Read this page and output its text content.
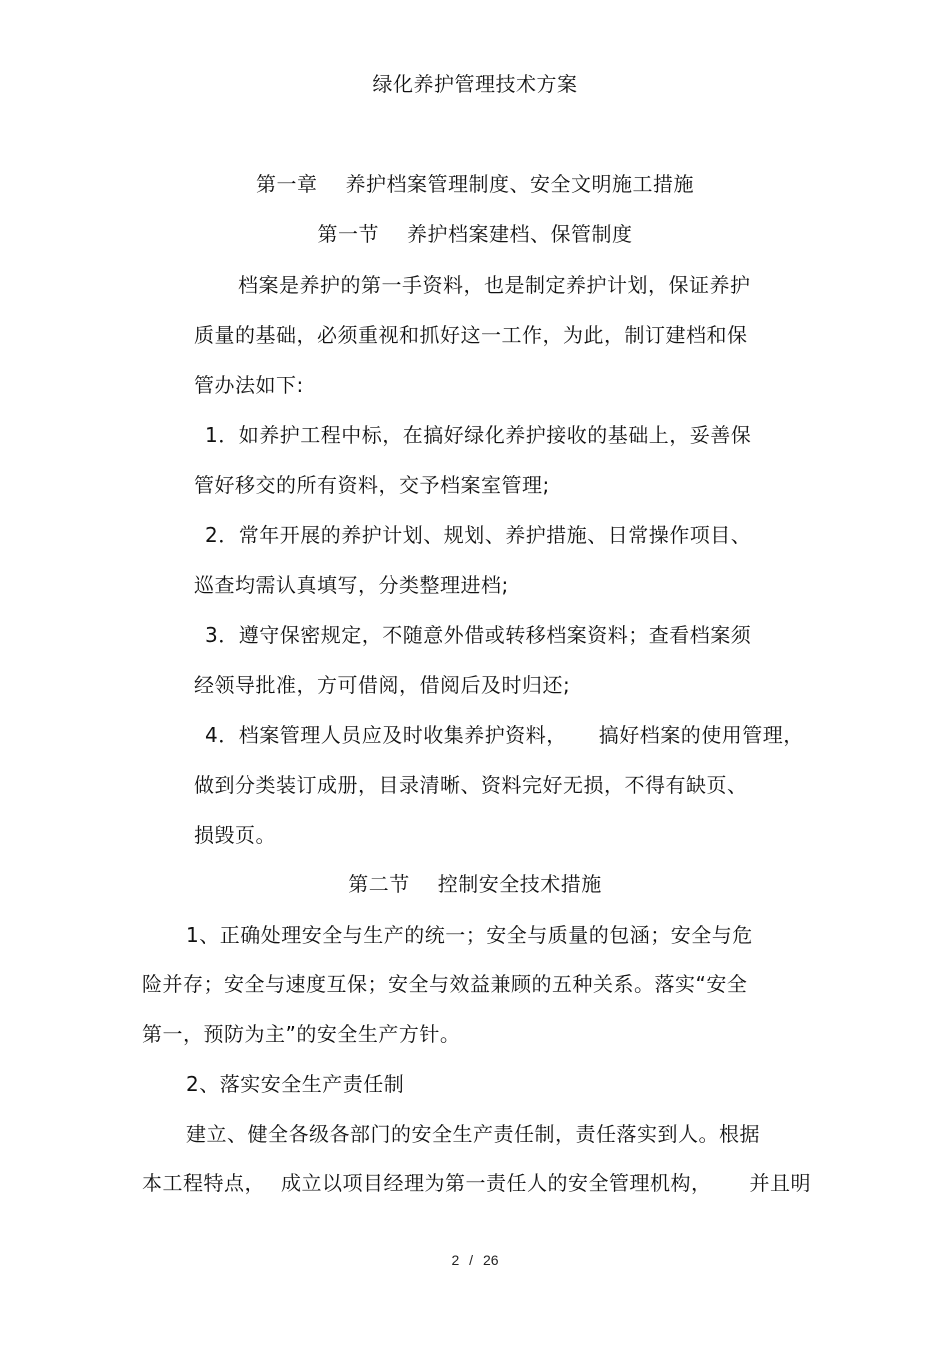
绿化养护管理技术方案
第一章 养护档案管理制度、安全文明施工措施
第一节 养护档案建档、保管制度
档案是养护的第一手资料，也是制定养护计划，保证养护
质量的基础，必须重视和抓好这一工作，为此，制订建档和保
管办法如下:
1．如养护工程中标，在搞好绿化养护接收的基础上，妥善保
管好移交的所有资料，交予档案室管理;
2．常年开展的养护计划、规划、养护措施、日常操作项目、
巡查均需认真填写，分类整理进档;
3．遵守保密规定，不随意外借或转移档案资料；查看档案须
经领导批准，方可借阅，借阅后及时归还;
4．档案管理人员应及时收集养护资料， 搞好档案的使用管理，
做到分类装订成册，目录清晰、资料完好无损，不得有缺页、
损毁页。
第二节 控制安全技术措施
1、正确处理安全与生产的统一；安全与质量的包涵；安全与危
险并存；安全与速度互保；安全与效益兼顾的五种关系。落实“安全
第一，预防为主”的安全生产方针。
2、落实安全生产责任制
建立、健全各级各部门的安全生产责任制，责任落实到人。根据
本工程特点， 成立以项目经理为第一责任人的安全管理机构， 并且明
2 / 26
